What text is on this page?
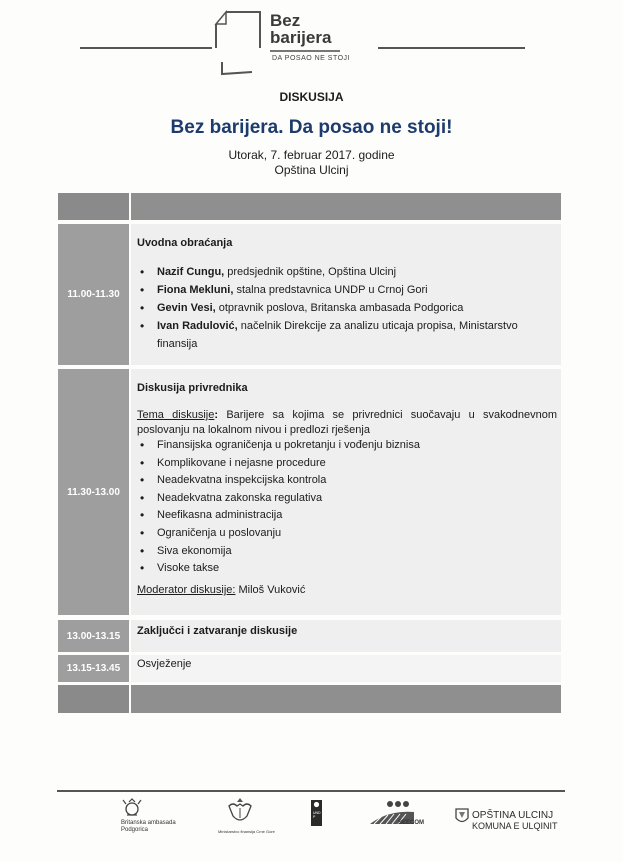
Bez
barijera
DA POSAO NE STOJI
DISKUSIJA
Bez barijera. Da posao ne stoji!
Utorak, 7. februar 2017. godine
Opština Ulcinj
11.00-11.30
Uvodna obraćanja
• Nazif Cungu, predsjednik opštine, Opština Ulcinj
• Fiona Mekluni, stalna predstavnica UNDP u Crnoj Gori
• Gevin Vesi, otpravnik poslova, Britanska ambasada Podgorica
• Ivan Radulović, načelnik Direkcije za analizu uticaja propisa, Ministarstvo finansija
11.30-13.00
Diskusija privrednika
Tema diskusije: Barijere sa kojima se privrednici suočavaju u svakodnevnom poslovanju na lokalnom nivou i predlozi rješenja
• Finansijska ograničenja u pokretanju i vođenju biznisa
• Komplikovane i nejasne procedure
• Neadekvatna inspekcijska kontrola
• Neadekvatna zakonska regulativa
• Neefikasna administracija
• Ograničenja u poslovanju
• Siva ekonomija
• Visoke takse
Moderator diskusije: Miloš Vuković
13.00-13.15	Zaključci i zatvaranje diskusije
13.15-13.45	Osvježenje
Britanska ambasada
Podgorica	Ministarstvo finansija Crne Gore
UNDP
SEECOM
OPŠTINA ULCINJ
KOMUNA E ULQINIT
